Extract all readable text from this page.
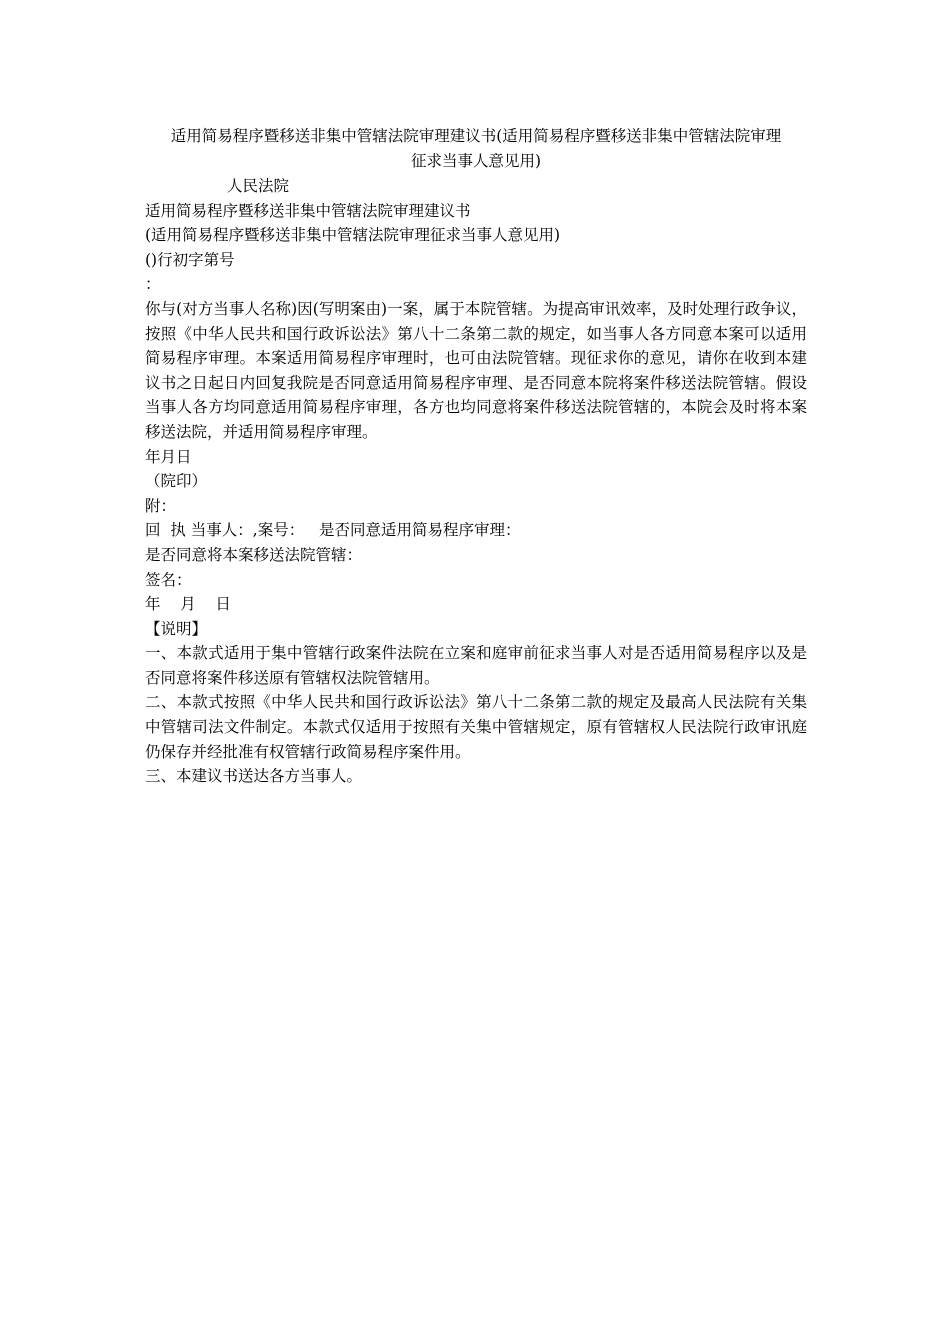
适用简易程序暨移送非集中管辖法院审理建议书(适用简易程序暨移送非集中管辖法院审理
征求当事人意见用)

人民法院

适用简易程序暨移送非集中管辖法院审理建议书

(适用简易程序暨移送非集中管辖法院审理征求当事人意见用)

()行初字第号

：

你与(对方当事人名称)因(写明案由)一案，属于本院管辖。为提高审讯效率，及时处理行政争议，按照《中华人民共和国行政诉讼法》第八十二条第二款的规定，如当事人各方同意本案可以适用简易程序审理。本案适用简易程序审理时，也可由法院管辖。现征求你的意见，请你在收到本建议书之日起日内回复我院是否同意适用简易程序审理、是否同意本院将案件移送法院管辖。假设当事人各方均同意适用简易程序审理，各方也均同意将案件移送法院管辖的，本院会及时将本案移送法院，并适用简易程序审理。

年月日

（院印）

附：

回  执 当事人：,案号：   是否同意适用简易程序审理：

是否同意将本案移送法院管辖：

签名：

年    月    日

【说明】

一、本款式适用于集中管辖行政案件法院在立案和庭审前征求当事人对是否适用简易程序以及是否同意将案件移送原有管辖权法院管辖用。

二、本款式按照《中华人民共和国行政诉讼法》第八十二条第二款的规定及最高人民法院有关集中管辖司法文件制定。本款式仅适用于按照有关集中管辖规定，原有管辖权人民法院行政审讯庭仍保存并经批准有权管辖行政简易程序案件用。

三、本建议书送达各方当事人。
